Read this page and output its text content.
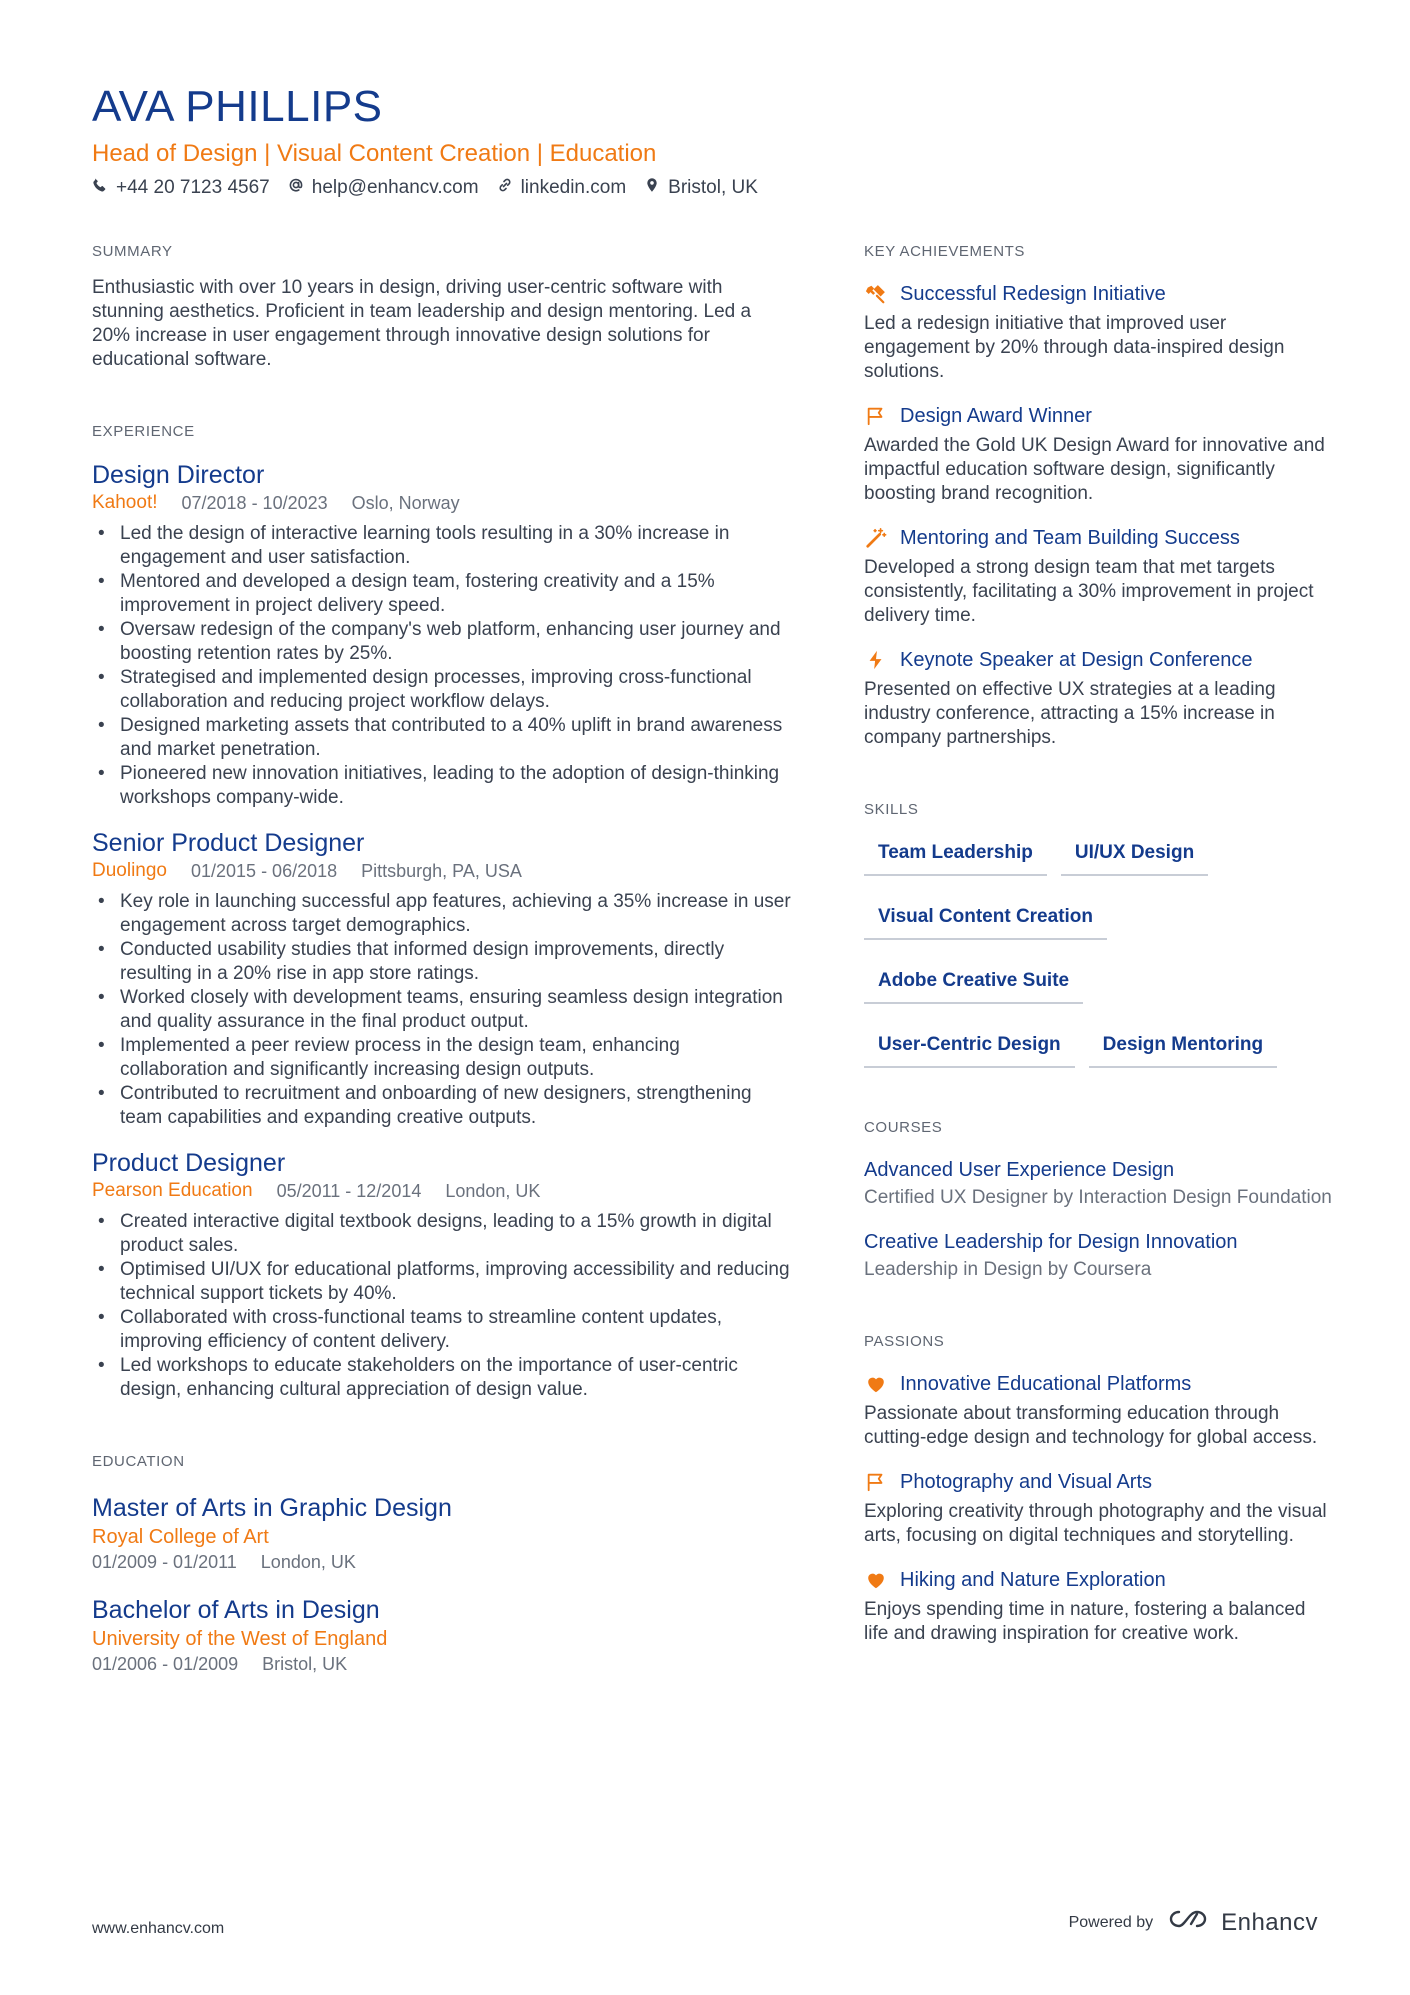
AVA PHILLIPS
Head of Design | Visual Content Creation | Education
+44 20 7123 4567 help@enhancv.com linkedin.com Bristol, UK
SUMMARY
Enthusiastic with over 10 years in design, driving user-centric software with stunning aesthetics. Proficient in team leadership and design mentoring. Led a 20% increase in user engagement through innovative design solutions for educational software.
EXPERIENCE
Design Director
Kahoot! 07/2018 - 10/2023 Oslo, Norway
• Led the design of interactive learning tools resulting in a 30% increase in engagement and user satisfaction.
• Mentored and developed a design team, fostering creativity and a 15% improvement in project delivery speed.
• Oversaw redesign of the company's web platform, enhancing user journey and boosting retention rates by 25%.
• Strategised and implemented design processes, improving cross-functional collaboration and reducing project workflow delays.
• Designed marketing assets that contributed to a 40% uplift in brand awareness and market penetration.
• Pioneered new innovation initiatives, leading to the adoption of design-thinking workshops company-wide.
Senior Product Designer
Duolingo 01/2015 - 06/2018 Pittsburgh, PA, USA
• Key role in launching successful app features, achieving a 35% increase in user engagement across target demographics.
• Conducted usability studies that informed design improvements, directly resulting in a 20% rise in app store ratings.
• Worked closely with development teams, ensuring seamless design integration and quality assurance in the final product output.
• Implemented a peer review process in the design team, enhancing collaboration and significantly increasing design outputs.
• Contributed to recruitment and onboarding of new designers, strengthening team capabilities and expanding creative outputs.
Product Designer
Pearson Education 05/2011 - 12/2014 London, UK
• Created interactive digital textbook designs, leading to a 15% growth in digital product sales.
• Optimised UI/UX for educational platforms, improving accessibility and reducing technical support tickets by 40%.
• Collaborated with cross-functional teams to streamline content updates, improving efficiency of content delivery.
• Led workshops to educate stakeholders on the importance of user-centric design, enhancing cultural appreciation of design value.
EDUCATION
Master of Arts in Graphic Design
Royal College of Art
01/2009 - 01/2011 London, UK
Bachelor of Arts in Design
University of the West of England
01/2006 - 01/2009 Bristol, UK
KEY ACHIEVEMENTS
Successful Redesign Initiative
Led a redesign initiative that improved user engagement by 20% through data-inspired design solutions.
Design Award Winner
Awarded the Gold UK Design Award for innovative and impactful education software design, significantly boosting brand recognition.
Mentoring and Team Building Success
Developed a strong design team that met targets consistently, facilitating a 30% improvement in project delivery time.
Keynote Speaker at Design Conference
Presented on effective UX strategies at a leading industry conference, attracting a 15% increase in company partnerships.
SKILLS
Team Leadership	UI/UX Design
Visual Content Creation
Adobe Creative Suite
User-Centric Design	Design Mentoring
COURSES
Advanced User Experience Design
Certified UX Designer by Interaction Design Foundation
Creative Leadership for Design Innovation
Leadership in Design by Coursera
PASSIONS
Innovative Educational Platforms
Passionate about transforming education through cutting-edge design and technology for global access.
Photography and Visual Arts
Exploring creativity through photography and the visual arts, focusing on digital techniques and storytelling.
Hiking and Nature Exploration
Enjoys spending time in nature, fostering a balanced life and drawing inspiration for creative work.
www.enhancv.com	Powered by	Enhancv
